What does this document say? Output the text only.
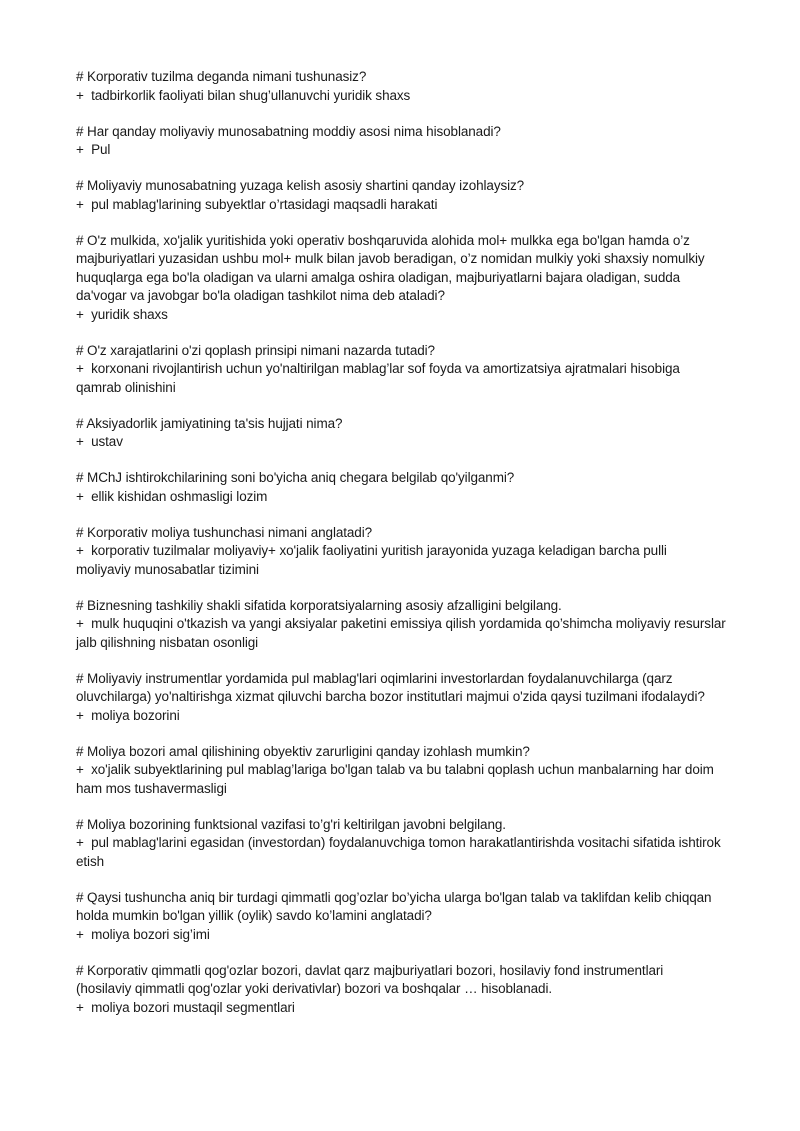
# Korporativ tuzilma deganda nimani tushunasiz?
+  tadbirkorlik faoliyati bilan shug’ullanuvchi yuridik shaxs
# Har qanday moliyaviy munosabatning moddiy asosi nima hisoblanadi?
+  Pul
# Moliyaviy munosabatning yuzaga kelish asosiy shartini qanday izohlaysiz?
+  pul mablag'larining subyektlar o’rtasidagi maqsadli harakati
# O'z mulkida, xo'jalik yuritishida yoki operativ boshqaruvida alohida mol+ mulkka ega bo'lgan hamda o’z
majburiyatlari yuzasidan ushbu mol+ mulk bilan javob beradigan, o’z nomidan mulkiy yoki shaxsiy nomulkiy
huquqlarga ega bo'la oladigan va ularni amalga oshira oladigan, majburiyatlarni bajara oladigan, sudda
da'vogar va javobgar bo'la oladigan tashkilot nima deb ataladi?
+  yuridik shaxs
# O'z xarajatlarini o'zi qoplash prinsipi nimani nazarda tutadi?
+  korxonani rivojlantirish uchun yo'naltirilgan mablag’lar sof foyda va amortizatsiya ajratmalari hisobiga
qamrab olinishini
# Aksiyadorlik jamiyatining ta'sis hujjati nima?
+  ustav
# MChJ ishtirokchilarining soni bo'yicha aniq chegara belgilab qo'yilganmi?
+  ellik kishidan oshmasligi lozim
# Korporativ moliya tushunchasi nimani anglatadi?
+  korporativ tuzilmalar moliyaviy+ xo'jalik faoliyatini yuritish jarayonida yuzaga keladigan barcha pulli
moliyaviy munosabatlar tizimini
# Biznesning tashkiliy shakli sifatida korporatsiyalarning asosiy afzalligini belgilang.
+  mulk huquqini o'tkazish va yangi aksiyalar paketini emissiya qilish yordamida qo’shimcha moliyaviy resurslar
jalb qilishning nisbatan osonligi
# Moliyaviy instrumentlar yordamida pul mablag'lari oqimlarini investorlardan foydalanuvchilarga (qarz
oluvchilarga) yo'naltirishga xizmat qiluvchi barcha bozor institutlari majmui o'zida qaysi tuzilmani ifodalaydi?
+  moliya bozorini
# Moliya bozori amal qilishining obyektiv zarurligini qanday izohlash mumkin?
+  xo'jalik subyektlarining pul mablag’lariga bo'lgan talab va bu talabni qoplash uchun manbalarning har doim
ham mos tushavermasligi
# Moliya bozorining funktsional vazifasi to’g'ri keltirilgan javobni belgilang.
+  pul mablag'larini egasidan (investordan) foydalanuvchiga tomon harakatlantirishda vositachi sifatida ishtirok
etish
# Qaysi tushuncha aniq bir turdagi qimmatli qog’ozlar bo’yicha ularga bo'lgan talab va taklifdan kelib chiqqan
holda mumkin bo'lgan yillik (oylik) savdo ko’lamini anglatadi?
+  moliya bozori sig’imi
# Korporativ qimmatli qog'ozlar bozori, davlat qarz majburiyatlari bozori, hosilaviy fond instrumentlari
(hosilaviy qimmatli qog'ozlar yoki derivativlar) bozori va boshqalar … hisoblanadi.
+  moliya bozori mustaqil segmentlari
